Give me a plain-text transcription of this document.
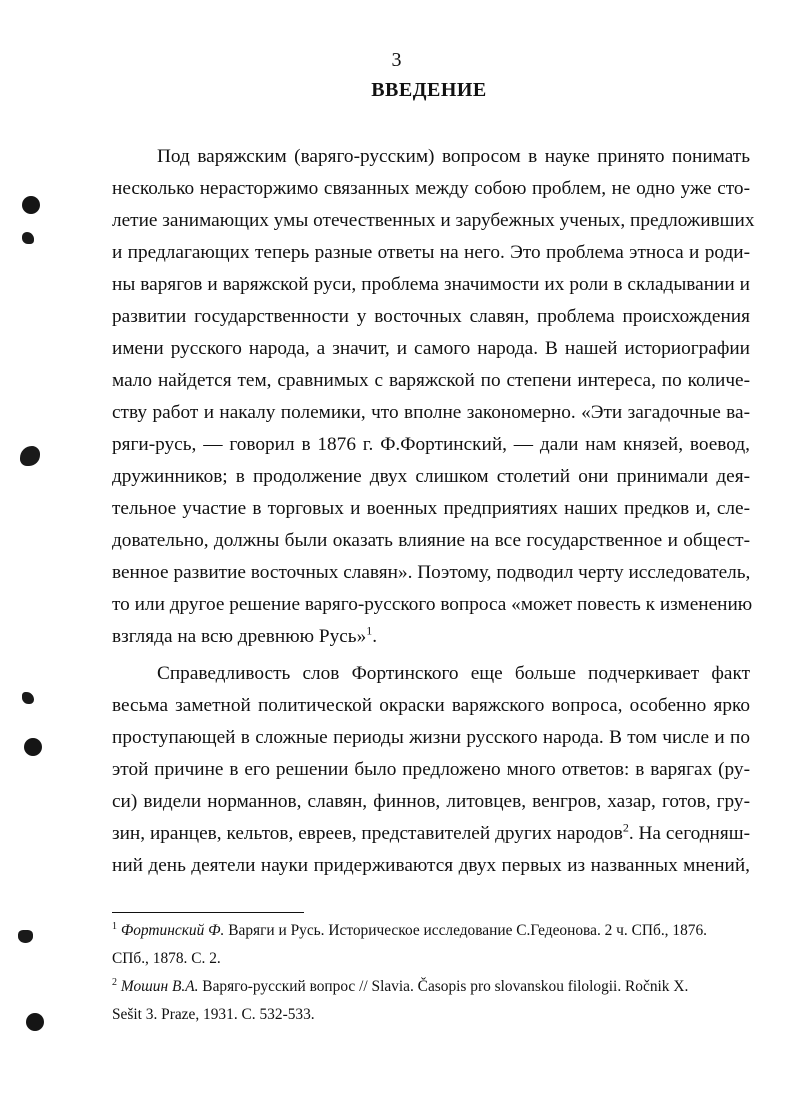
3
ВВЕДЕНИЕ
Под варяжским (варяго-русским) вопросом в науке принято понимать
несколько нерасторжимо связанных между собою проблем, не одно уже сто-
летие занимающих умы отечественных и зарубежных ученых, предложивших
и предлагающих теперь разные ответы на него. Это проблема этноса и роди-
ны варягов и варяжской руси, проблема значимости их роли в складывании и
развитии государственности у восточных славян, проблема происхождения
имени русского народа, а значит, и самого народа. В нашей историографии
мало найдется тем, сравнимых с варяжской по степени интереса, по количе-
ству работ и накалу полемики, что вполне закономерно. «Эти загадочные ва-
ряги-русь, — говорил в 1876 г. Ф.Фортинский, — дали нам князей, воевод,
дружинников; в продолжение двух слишком столетий они принимали дея-
тельное участие в торговых и военных предприятиях наших предков и, сле-
довательно, должны были оказать влияние на все государственное и общест-
венное развитие восточных славян». Поэтому, подводил черту исследователь,
то или другое решение варяго-русского вопроса «может повесть к изменению
взгляда на всю древнюю Русь»$^1$.
Справедливость слов Фортинского еще больше подчеркивает факт
весьма заметной политической окраски варяжского вопроса, особенно ярко
проступающей в сложные периоды жизни русского народа. В том числе и по
этой причине в его решении было предложено много ответов: в варягах (ру-
си) видели норманнов, славян, финнов, литовцев, венгров, хазар, готов, гру-
зин, иранцев, кельтов, евреев, представителей других народов$^2$. На сегодняш-
ний день деятели науки придерживаются двух первых из названных мнений,
$^1$ Фортинский Ф. Варяги и Русь. Историческое исследование С.Гедеонова. 2 ч. СПб., 1876.
СПб., 1878. С. 2.
$^2$ Мошин В.А. Варяго-русский вопрос // Slavia. Časopis pro slovanskou filologii. Ročnik X.
Sešit 3. Praze, 1931. С. 532-533.
